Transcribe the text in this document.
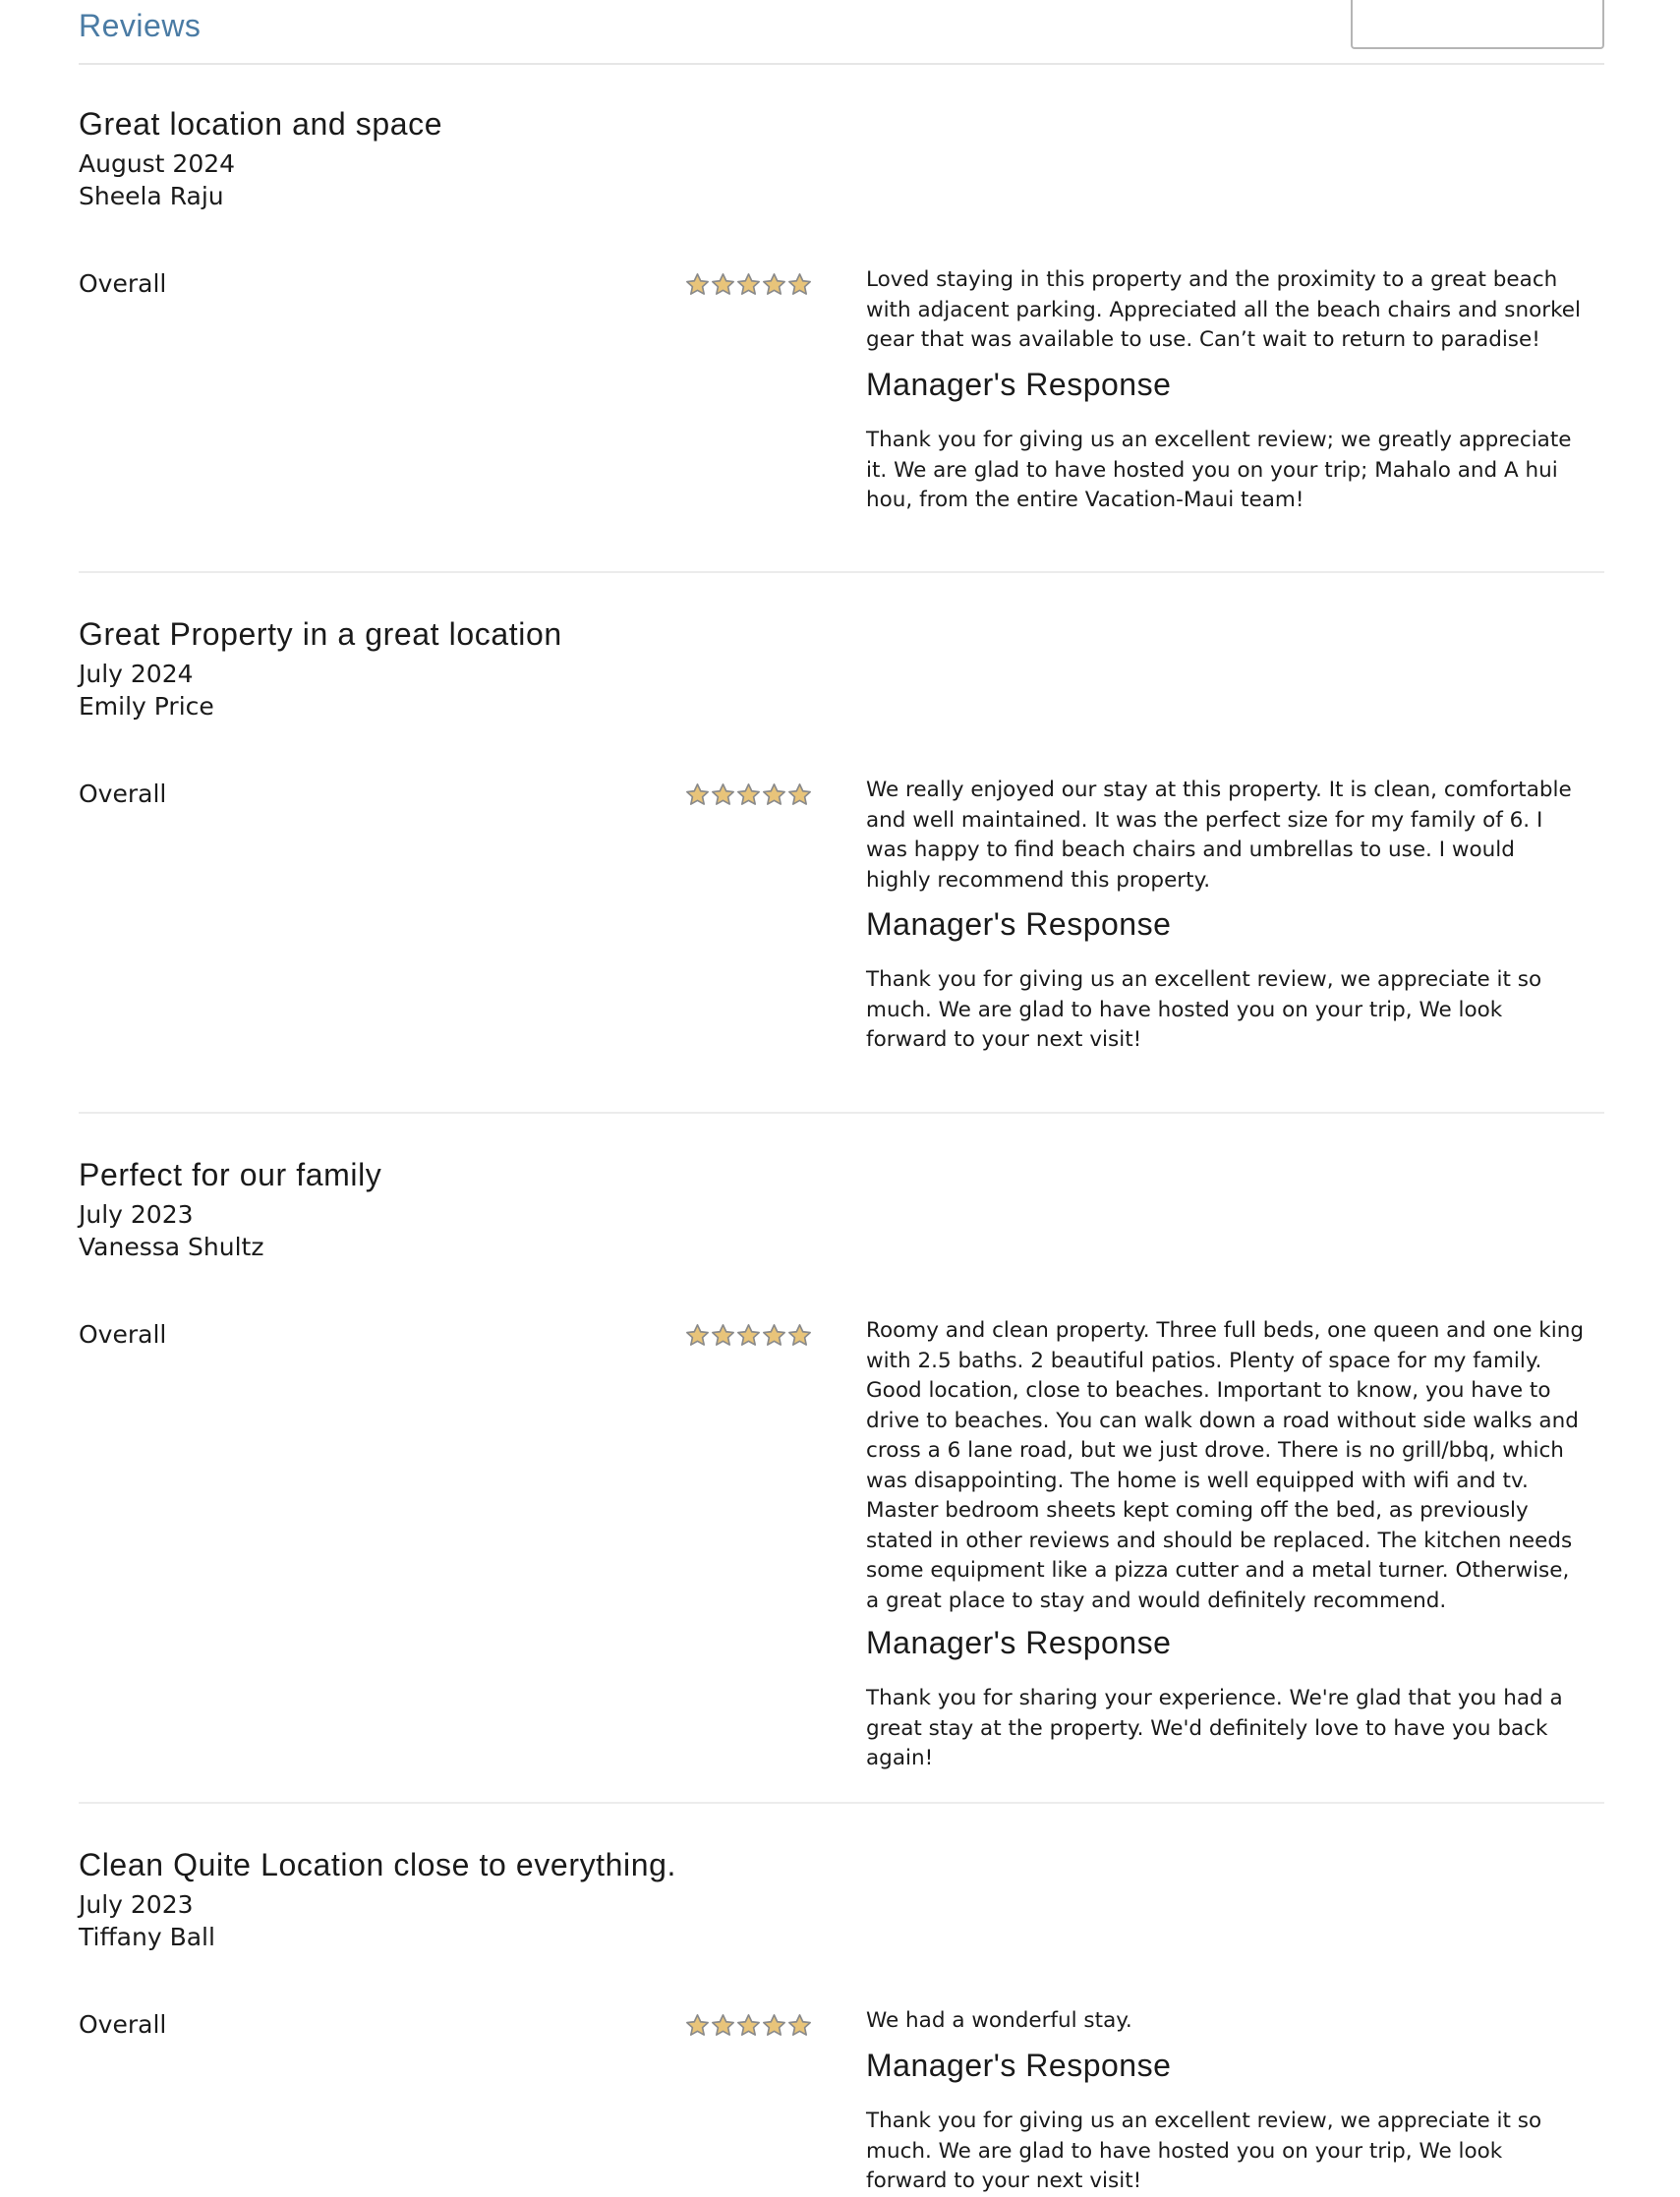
Reviews
Great location and space
August 2024
Sheela Raju
Overall	Loved staying in this property and the proximity to a great beach with adjacent parking. Appreciated all the beach chairs and snorkel gear that was available to use. Can’t wait to return to paradise!
Manager's Response
Thank you for giving us an excellent review; we greatly appreciate it. We are glad to have hosted you on your trip; Mahalo and A hui hou, from the entire Vacation-Maui team!
Great Property in a great location
July 2024
Emily Price
Overall	We really enjoyed our stay at this property. It is clean, comfortable and well maintained. It was the perfect size for my family of 6. I was happy to find beach chairs and umbrellas to use. I would highly recommend this property.
Manager's Response
Thank you for giving us an excellent review, we appreciate it so much. We are glad to have hosted you on your trip, We look forward to your next visit!
Perfect for our family
July 2023
Vanessa Shultz
Overall	Roomy and clean property. Three full beds, one queen and one king with 2.5 baths. 2 beautiful patios. Plenty of space for my family. Good location, close to beaches. Important to know, you have to drive to beaches. You can walk down a road without side walks and cross a 6 lane road, but we just drove. There is no grill/bbq, which was disappointing. The home is well equipped with wifi and tv. Master bedroom sheets kept coming off the bed, as previously stated in other reviews and should be replaced. The kitchen needs some equipment like a pizza cutter and a metal turner. Otherwise, a great place to stay and would definitely recommend.
Manager's Response
Thank you for sharing your experience. We're glad that you had a great stay at the property. We'd definitely love to have you back again!
Clean Quite Location close to everything.
July 2023
Tiffany Ball
Overall	We had a wonderful stay.
Manager's Response
Thank you for giving us an excellent review, we appreciate it so much. We are glad to have hosted you on your trip, We look forward to your next visit!
